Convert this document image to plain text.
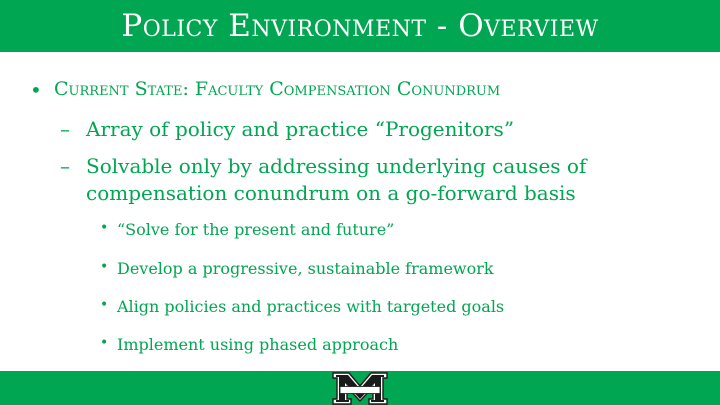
Policy Environment - Overview
• Current State: Faculty Compensation Conundrum
– Array of policy and practice “Progenitors”
– Solvable only by addressing underlying causes of compensation conundrum on a go-forward basis
• “Solve for the present and future”
• Develop a progressive, sustainable framework
• Align policies and practices with targeted goals
• Implement using phased approach
